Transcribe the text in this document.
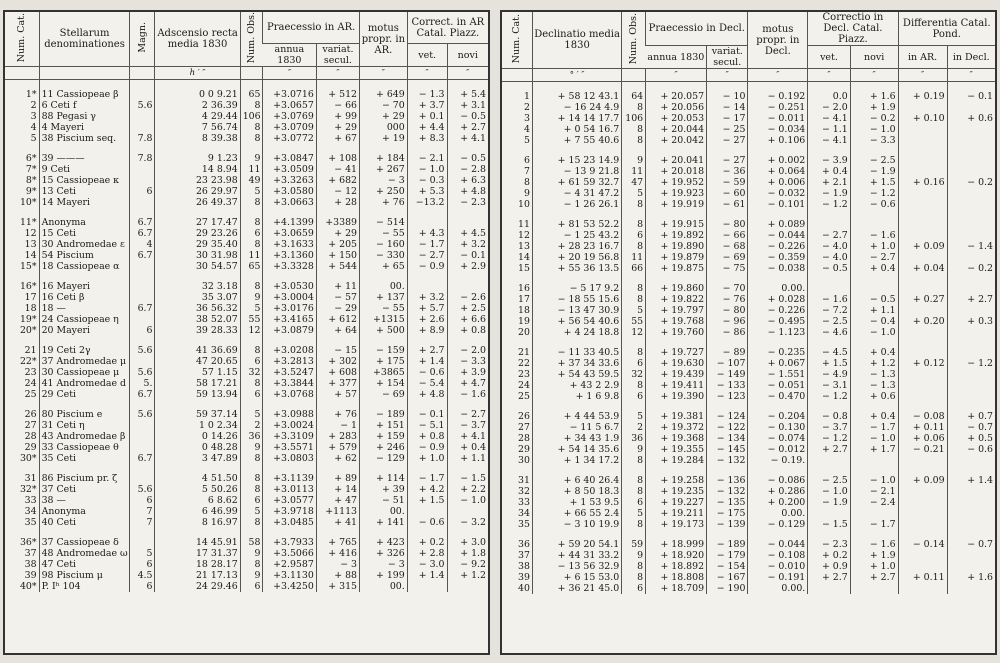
Num. Cat.	Stellarum denominationes	Magn.	Adscensio recta media 1830	Num. Obs.	Praecessio in AR.		motus propr. in AR.	Correct. in AR Catal. Piazz.	
					annua 1830	variat. secul.		vet.	novi
			h ′ ″		″	″	″	″	″

1*	11 Cassiopeae β		0 0 9.21	65	+3.0716	+ 512	+ 649	− 1.3	+ 5.4
2	6 Ceti f	5.6	2 36.39	8	+3.0657	− 66	− 70	+ 3.7	+ 3.1
3	88 Pegasi γ		4 29.44	106	+3.0769	+ 99	+ 29	+ 0.1	− 0.5
4	4 Mayeri		7 56.74	8	+3.0709	+ 29	000	+ 4.4	+ 2.7
5	38 Piscium seq.	7.8	8 39.38	8	+3.0772	+ 67	+ 19	+ 8.3	+ 4.1

6*	39 ———	7.8	9 1.23	9	+3.0847	+ 108	+ 184	− 2.1	− 0.5
7*	9 Ceti		14 8.94	11	+3.0509	− 41	+ 267	− 1.0	− 2.8
8*	15 Cassiopeae κ		23 23.98	49	+3.3263	+ 682	− 3	− 0.3	+ 6.3
9*	13 Ceti	6	26 29.97	5	+3.0580	− 12	+ 250	+ 5.3	+ 4.8
10*	14 Mayeri		26 49.37	8	+3.0663	+ 28	+ 76	−13.2	− 2.3

11*	Anonyma	6.7	27 17.47	8	+4.1399	+3389	− 514		
12	15 Ceti	6.7	29 23.26	6	+3.0659	+ 29	− 55	+ 4.3	+ 4.5
13	30 Andromedae ε	4	29 35.40	8	+3.1633	+ 205	− 160	− 1.7	+ 3.2
14	54 Piscium	6.7	30 31.98	11	+3.1360	+ 150	− 330	− 2.7	− 0.1
15*	18 Cassiopeae α		30 54.57	65	+3.3328	+ 544	+ 65	− 0.9	+ 2.9

16*	16 Mayeri		32 3.18	8	+3.0530	+ 11	00.		
17	16 Ceti β		35 3.07	9	+3.0004	− 57	+ 137	+ 3.2	− 2.6
18	18 —	6.7	36 56.32	5	+3.0176	− 29	− 55	+ 5.7	+ 2.5
19*	24 Cassiopeae η		38 52.07	55	+3.4165	+ 612	+1315	+ 2.6	+ 6.6
20*	20 Mayeri	6	39 28.33	12	+3.0879	+ 64	+ 500	+ 8.9	+ 0.8

21	19 Ceti 2γ	5.6	41 36.69	8	+3.0208	− 15	− 159	+ 2.7	− 2.0
22*	37 Andromedae μ		47 20.65	6	+3.2813	+ 302	+ 175	+ 1.4	− 3.3
23	30 Cassiopeae μ	5.6	57 1.15	32	+3.5247	+ 608	+3865	− 0.6	+ 3.9
24	41 Andromedae d	5.	58 17.21	8	+3.3844	+ 377	+ 154	− 5.4	+ 4.7
25	29 Ceti	6.7	59 13.94	6	+3.0768	+ 57	− 69	+ 4.8	− 1.6

26	80 Piscium e	5.6	59 37.14	5	+3.0988	+ 76	− 189	− 0.1	− 2.7
27	31 Ceti η		1 0 2.34	2	+3.0024	− 1	+ 151	− 5.1	− 3.7
28	43 Andromedae β		0 14.26	36	+3.3109	+ 283	+ 159	+ 0.8	+ 4.1
29	33 Cassiopeae θ		0 48.28	9	+3.5571	+ 579	+ 246	− 0.9	+ 0.4
30*	35 Ceti	6.7	3 47.89	8	+3.0803	+ 62	− 129	+ 1.0	+ 1.1

31	86 Piscium pr. ζ		4 51.50	8	+3.1139	+ 89	+ 114	− 1.7	− 1.5
32*	37 Ceti	5.6	5 50.26	8	+3.0113	+ 14	+ 39	+ 4.2	+ 2.2
33	38 —	6	6 8.62	6	+3.0577	+ 47	− 51	+ 1.5	− 1.0
34	Anonyma	7	6 46.99	5	+3.9718	+1113	00.		
35	40 Ceti	7	8 16.97	8	+3.0485	+ 41	+ 141	− 0.6	− 3.2

36*	37 Cassiopeae δ		14 45.91	58	+3.7933	+ 765	+ 423	+ 0.2	+ 3.0
37	48 Andromedae ω	5	17 31.37	9	+3.5066	+ 416	+ 326	+ 2.8	+ 1.8
38	47 Ceti	6	18 28.17	8	+2.9587	− 3	− 3	− 3.0	− 9.2
39	98 Piscium μ	4.5	21 17.13	9	+3.1130	+ 88	+ 199	+ 1.4	+ 1.2
40*	P. Iʰ 104	6	24 29.46	6	+3.4250	+ 315	00.		
Num. Cat.	Declinatio media 1830	Num. Obs.	Praecessio in Decl.		motus propr. in Decl.	Correctio in Decl. Catal. Piazz.		Differentia Catal. Pond.	
			annua 1830	variat. secul.		vet.	novi	in AR.	in Decl.
	° ′ ″		″	″	″	″	″	″	″

1	+ 58 12 43.1	64	+ 20.057	− 10	− 0.192	0.0	+ 1.6	+ 0.19	− 0.1
2	− 16 24 4.9	8	+ 20.056	− 14	− 0.251	− 2.0	+ 1.9		
3	+ 14 14 17.7	106	+ 20.053	− 17	− 0.011	− 4.1	− 0.2	+ 0.10	+ 0.6
4	+ 0 54 16.7	8	+ 20.044	− 25	− 0.034	− 1.1	− 1.0		
5	+ 7 55 40.6	8	+ 20.042	− 27	+ 0.106	− 4.1	− 3.3		

6	+ 15 23 14.9	9	+ 20.041	− 27	+ 0.002	− 3.9	− 2.5		
7	− 13 9 21.8	11	+ 20.018	− 36	+ 0.064	+ 0.4	− 1.9		
8	+ 61 59 32.7	47	+ 19.952	− 59	+ 0.006	+ 2.1	+ 1.5	+ 0.16	− 0.2
9	− 4 31 47.2	5	+ 19.923	− 60	− 0.032	− 1.9	− 1.2		
10	− 1 26 26.1	8	+ 19.919	− 61	− 0.101	− 1.2	− 0.6		

11	+ 81 53 52.2	8	+ 19.915	− 80	+ 0.089				
12	− 1 25 43.2	6	+ 19.892	− 66	− 0.044	− 2.7	− 1.6		
13	+ 28 23 16.7	8	+ 19.890	− 68	− 0.226	− 4.0	+ 1.0	+ 0.09	− 1.4
14	+ 20 19 56.8	11	+ 19.879	− 69	− 0.359	− 4.0	− 2.7		
15	+ 55 36 13.5	66	+ 19.875	− 75	− 0.038	− 0.5	+ 0.4	+ 0.04	− 0.2

16	− 5 17 9.2	8	+ 19.860	− 70	0.00.				
17	− 18 55 15.6	8	+ 19.822	− 76	+ 0.028	− 1.6	− 0.5	+ 0.27	+ 2.7
18	− 13 47 30.9	5	+ 19.797	− 80	− 0.226	− 7.2	+ 1.1		
19	+ 56 54 40.6	55	+ 19.768	− 96	− 0.495	− 2.5	− 0.4	+ 0.20	+ 0.3
20	+ 4 24 18.8	12	+ 19.760	− 86	− 1.123	− 4.6	− 1.0		

21	− 11 33 40.5	8	+ 19.727	− 89	− 0.235	− 4.5	+ 0.4		
22	+ 37 34 33.6	6	+ 19.630	− 107	+ 0.067	+ 1.5	+ 1.2	+ 0.12	− 1.2
23	+ 54 43 59.5	32	+ 19.439	− 149	− 1.551	− 4.9	− 1.3		
24	+ 43 2 2.9	8	+ 19.411	− 133	− 0.051	− 3.1	− 1.3		
25	+ 1 6 9.8	6	+ 19.390	− 123	− 0.470	− 1.2	+ 0.6		

26	+ 4 44 53.9	5	+ 19.381	− 124	− 0.204	− 0.8	+ 0.4	− 0.08	+ 0.7
27	− 11 5 6.7	2	+ 19.372	− 122	− 0.130	− 3.7	− 1.7	+ 0.11	− 0.7
28	+ 34 43 1.9	36	+ 19.368	− 134	− 0.074	− 1.2	− 1.0	+ 0.06	+ 0.5
29	+ 54 14 35.6	9	+ 19.355	− 145	− 0.012	+ 2.7	+ 1.7	− 0.21	− 0.6
30	+ 1 34 17.2	8	+ 19.284	− 132	− 0.19.				

31	+ 6 40 26.4	8	+ 19.258	− 136	− 0.086	− 2.5	− 1.0	+ 0.09	+ 1.4
32	+ 8 50 18.3	8	+ 19.235	− 132	+ 0.286	− 1.0	− 2.1		
33	+ 1 53 9.5	6	+ 19.227	− 135	+ 0.200	− 1.9	− 2.4		
34	+ 66 55 2.4	5	+ 19.211	− 175	0.00.				
35	− 3 10 19.9	8	+ 19.173	− 139	− 0.129	− 1.5	− 1.7		

36	+ 59 20 54.1	59	+ 18.999	− 189	− 0.044	− 2.3	− 1.6	− 0.14	− 0.7
37	+ 44 31 33.2	9	+ 18.920	− 179	− 0.108	+ 0.2	+ 1.9		
38	− 13 56 32.9	8	+ 18.892	− 154	− 0.010	+ 0.9	+ 1.0		
39	+ 6 15 53.0	8	+ 18.808	− 167	− 0.191	+ 2.7	+ 2.7	+ 0.11	+ 1.6
40	+ 36 21 45.0	6	+ 18.709	− 190	0.00.				
